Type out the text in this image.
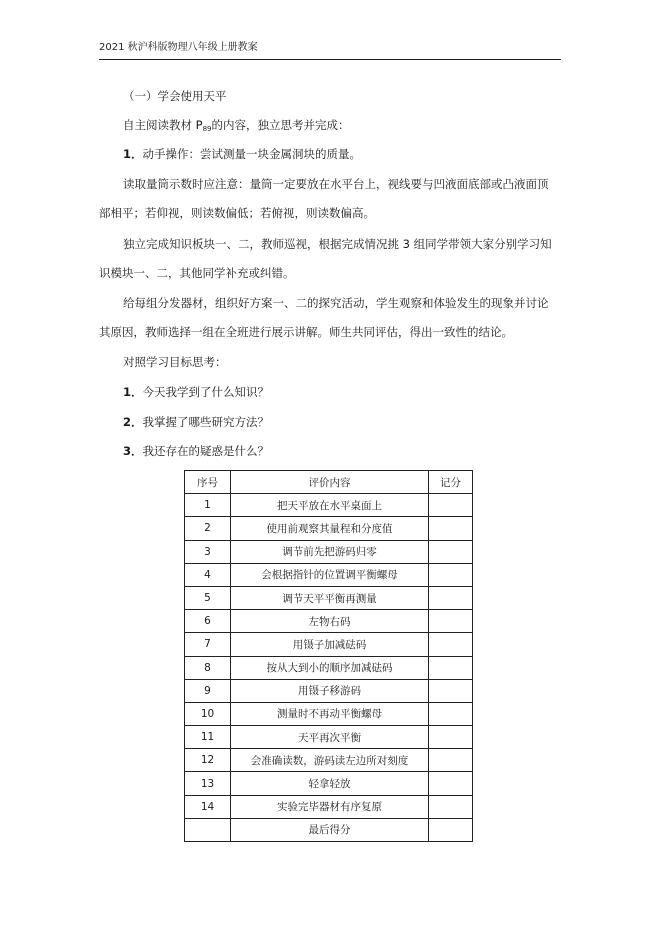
2021 秋沪科版物理八年级上册教案
（一）学会使用天平
自主阅读教材 $P_{89}$的内容，独立思考并完成：
1．动手操作：尝试测量一块金属洞块的质量。
读取量筒示数时应注意：量筒一定要放在水平台上，视线要与凹液面底部或凸液面顶
部相平；若仰视，则读数偏低；若俯视，则读数偏高。
独立完成知识板块一、二，教师巡视，根据完成情况挑 3 组同学带领大家分别学习知
识模块一、二，其他同学补充或纠错。
给每组分发器材，组织好方案一、二的探究活动，学生观察和体验发生的现象并讨论
其原因，教师选择一组在全班进行展示讲解。师生共同评估，得出一致性的结论。
对照学习目标思考：
1．今天我学到了什么知识？
2．我掌握了哪些研究方法？
3．我还存在的疑惑是什么？
序号	评价内容	记分
1	把天平放在水平桌面上	
2	使用前观察其量程和分度值	
3	调节前先把游码归零	
4	会根据指针的位置调平衡螺母	
5	调节天平平衡再测量	
6	左物右码	
7	用镊子加减砝码	
8	按从大到小的顺序加减砝码	
9	用镊子移游码	
10	测量时不再动平衡螺母	
11	天平再次平衡	
12	会准确读数，游码读左边所对刻度	
13	轻拿轻放	
14	实验完毕器材有序复原	
	最后得分	
